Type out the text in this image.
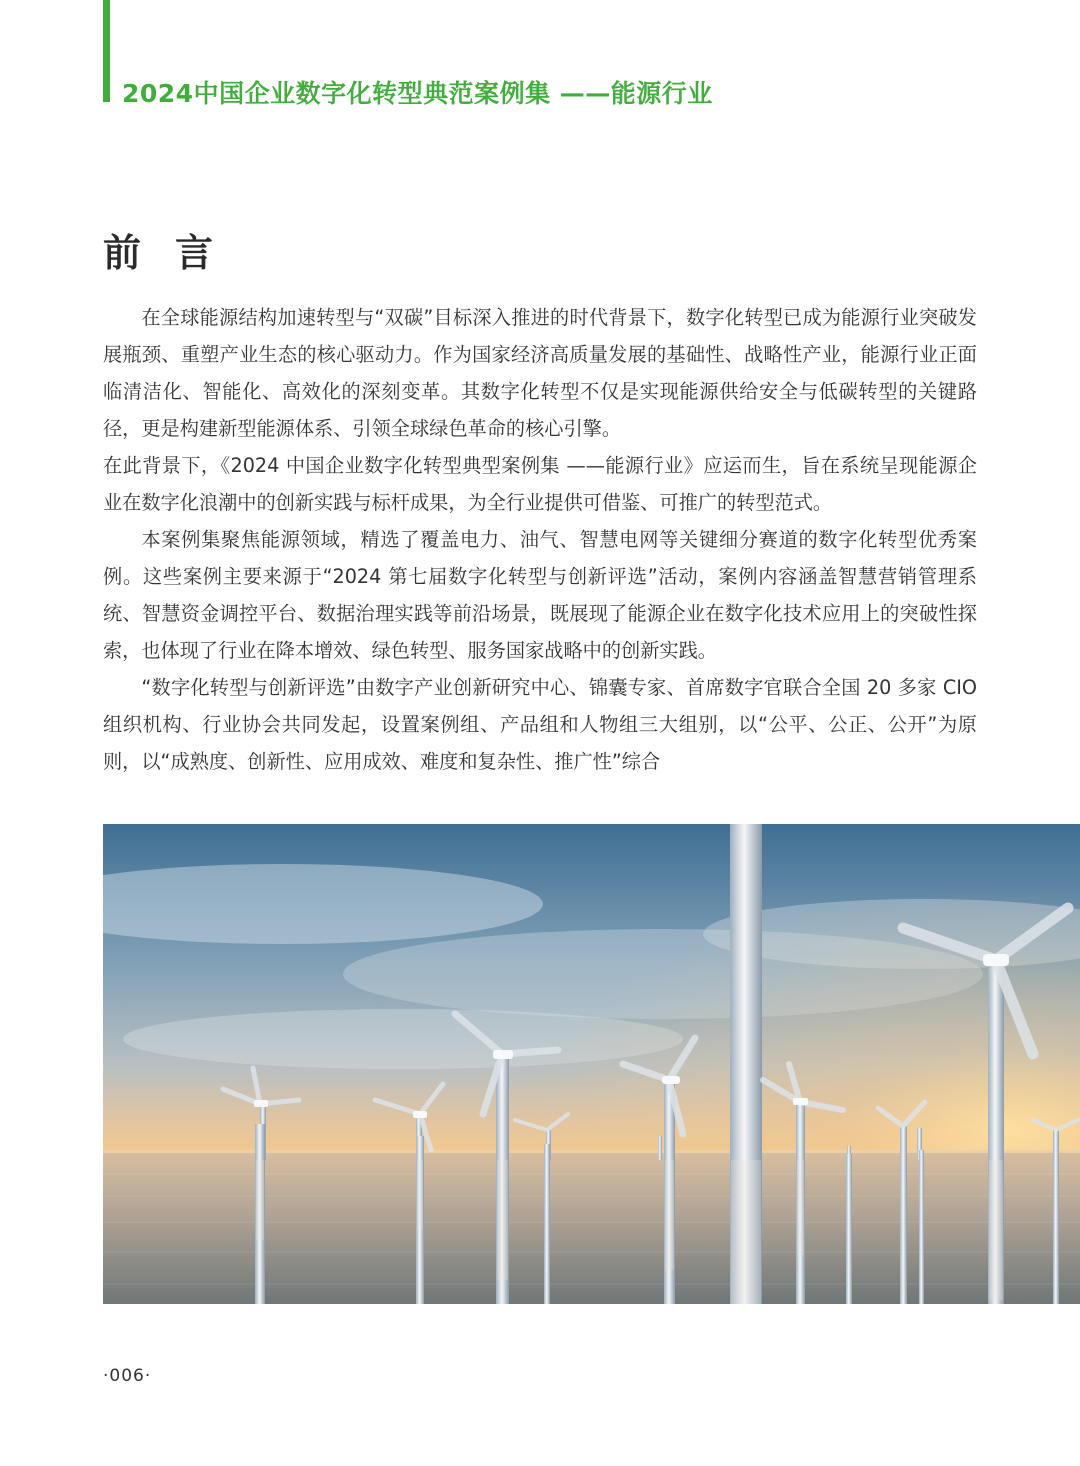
2024中国企业数字化转型典范案例集 ——能源行业
前言

在全球能源结构加速转型与“双碳”目标深入推进的时代背景下，数字化转型已成为能源行业突破发展瓶颈、重塑产业生态的核心驱动力。作为国家经济高质量发展的基础性、战略性产业，能源行业正面临清洁化、智能化、高效化的深刻变革。其数字化转型不仅是实现能源供给安全与低碳转型的关键路径，更是构建新型能源体系、引领全球绿色革命的核心引擎。

在此背景下，《2024 中国企业数字化转型典型案例集 ——能源行业》应运而生，旨在系统呈现能源企业在数字化浪潮中的创新实践与标杆成果，为全行业提供可借鉴、可推广的转型范式。

本案例集聚焦能源领域，精选了覆盖电力、油气、智慧电网等关键细分赛道的数字化转型优秀案例。这些案例主要来源于“2024 第七届数字化转型与创新评选”活动，案例内容涵盖智慧营销管理系统、智慧资金调控平台、数据治理实践等前沿场景，既展现了能源企业在数字化技术应用上的突破性探索，也体现了行业在降本增效、绿色转型、服务国家战略中的创新实践。

“数字化转型与创新评选”由数字产业创新研究中心、锦囊专家、首席数字官联合全国 20 多家 CIO 组织机构、行业协会共同发起，设置案例组、产品组和人物组三大组别，以“公平、公正、公开”为原则，以“成熟度、创新性、应用成效、难度和复杂性、推广性”综合

·006·
